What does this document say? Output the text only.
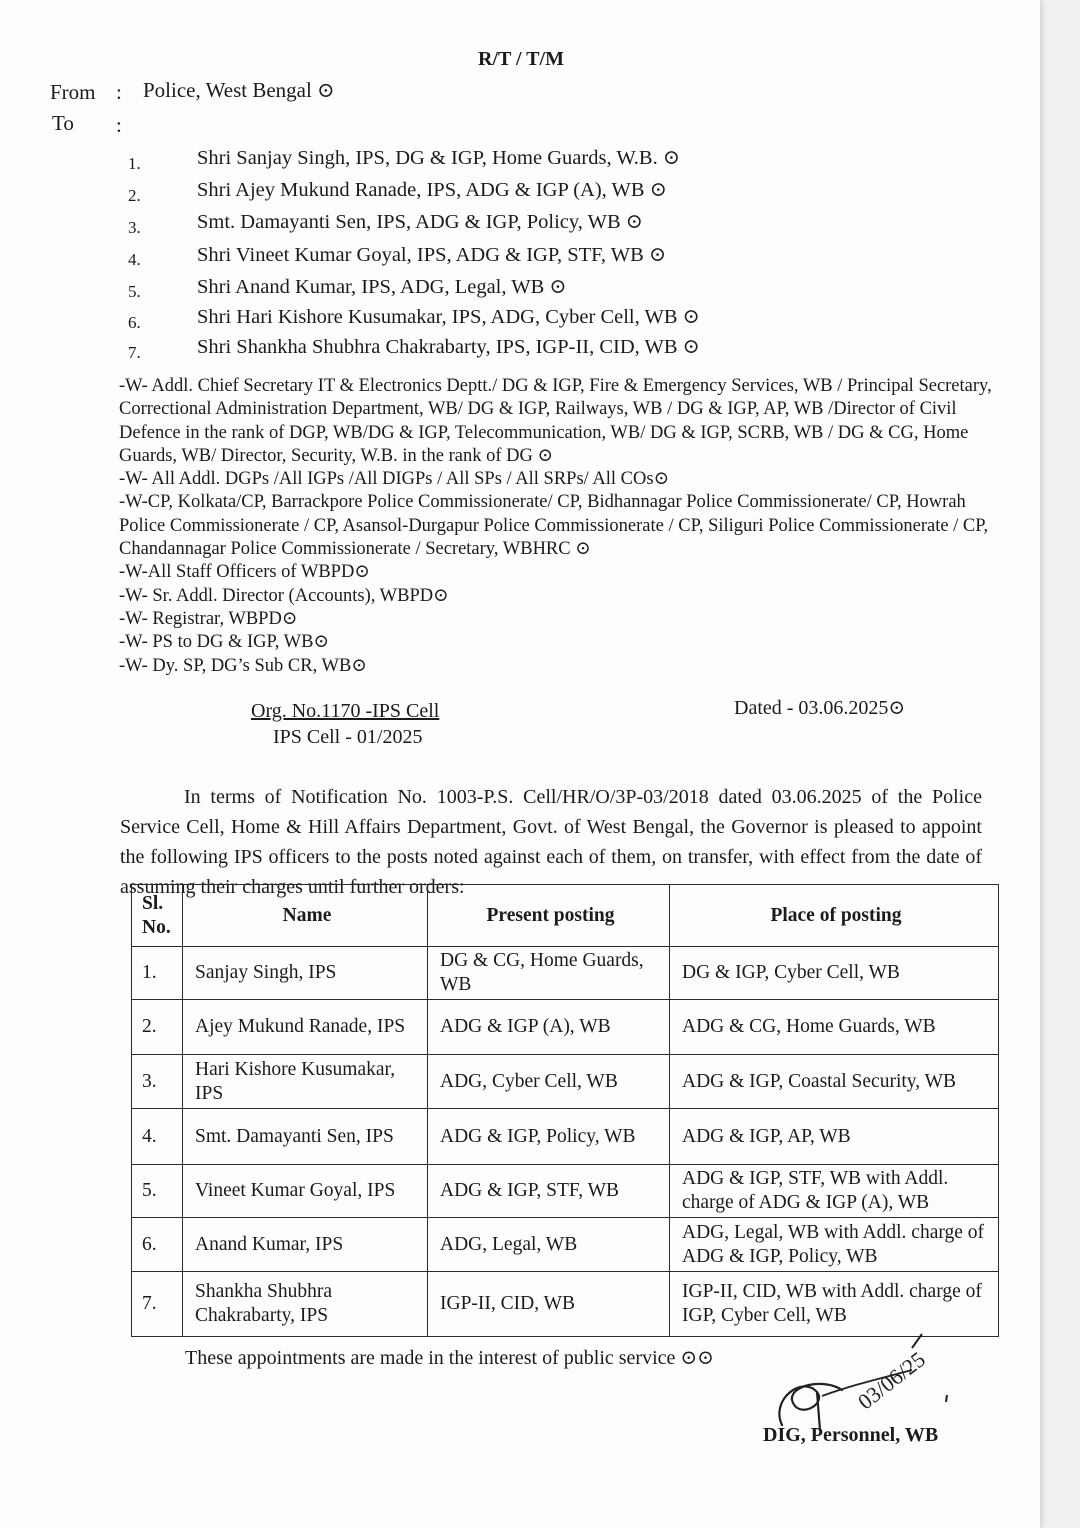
R/T / T/M
From : Police, West Bengal ⊙
To :
1.	Shri Sanjay Singh, IPS, DG & IGP, Home Guards, W.B. ⊙
2.	Shri Ajey Mukund Ranade, IPS, ADG & IGP (A), WB ⊙
3.	Smt. Damayanti Sen, IPS, ADG & IGP, Policy, WB ⊙
4.	Shri Vineet Kumar Goyal, IPS, ADG & IGP, STF, WB ⊙
5.	Shri Anand Kumar, IPS, ADG, Legal, WB ⊙
6.	Shri Hari Kishore Kusumakar, IPS, ADG, Cyber Cell, WB ⊙
7.	Shri Shankha Shubhra Chakrabarty, IPS, IGP-II, CID, WB ⊙

-W- Addl. Chief Secretary IT & Electronics Deptt./ DG & IGP, Fire & Emergency Services, WB / Principal Secretary, Correctional Administration Department, WB/ DG & IGP, Railways, WB / DG & IGP, AP, WB /Director of Civil Defence in the rank of DGP, WB/DG & IGP, Telecommunication, WB/ DG & IGP, SCRB, WB / DG & CG, Home Guards, WB/ Director, Security, W.B. in the rank of DG ⊙

-W- All Addl. DGPs /All IGPs /All DIGPs / All SPs / All SRPs/ All COs⊙

-W-CP, Kolkata/CP, Barrackpore Police Commissionerate/ CP, Bidhannagar Police Commissionerate/ CP, Howrah Police Commissionerate / CP, Asansol-Durgapur Police Commissionerate / CP, Siliguri Police Commissionerate / CP, Chandannagar Police Commissionerate / Secretary, WBHRC ⊙

-W-All Staff Officers of WBPD⊙

-W- Sr. Addl. Director (Accounts), WBPD⊙

-W- Registrar, WBPD⊙

-W- PS to DG & IGP, WB⊙

-W- Dy. SP, DG’s Sub CR, WB⊙

Org. No.1170 -IPS Cell
IPS Cell - 01/2025
Dated - 03.06.2025⊙

In terms of Notification No. 1003-P.S. Cell/HR/O/3P-03/2018 dated 03.06.2025 of the Police Service Cell, Home & Hill Affairs Department, Govt. of West Bengal, the Governor is pleased to appoint the following IPS officers to the posts noted against each of them, on transfer, with effect from the date of assuming their charges until further orders:

Sl. No.	Name	Present posting	Place of posting
1.	Sanjay Singh, IPS	DG & CG, Home Guards, WB	DG & IGP, Cyber Cell, WB
2.	Ajey Mukund Ranade, IPS	ADG & IGP (A), WB	ADG & CG, Home Guards, WB
3.	Hari Kishore Kusumakar, IPS	ADG, Cyber Cell, WB	ADG & IGP, Coastal Security, WB
4.	Smt. Damayanti Sen, IPS	ADG & IGP, Policy, WB	ADG & IGP, AP, WB
5.	Vineet Kumar Goyal, IPS	ADG & IGP, STF, WB	ADG & IGP, STF, WB with Addl. charge of ADG & IGP (A), WB
6.	Anand Kumar, IPS	ADG, Legal, WB	ADG, Legal, WB with Addl. charge of ADG & IGP, Policy, WB
7.	Shankha Shubhra Chakrabarty, IPS	IGP-II, CID, WB	IGP-II, CID, WB with Addl. charge of IGP, Cyber Cell, WB
These appointments are made in the interest of public service ⊙⊙	03/06/25
DIG, Personnel, WB
